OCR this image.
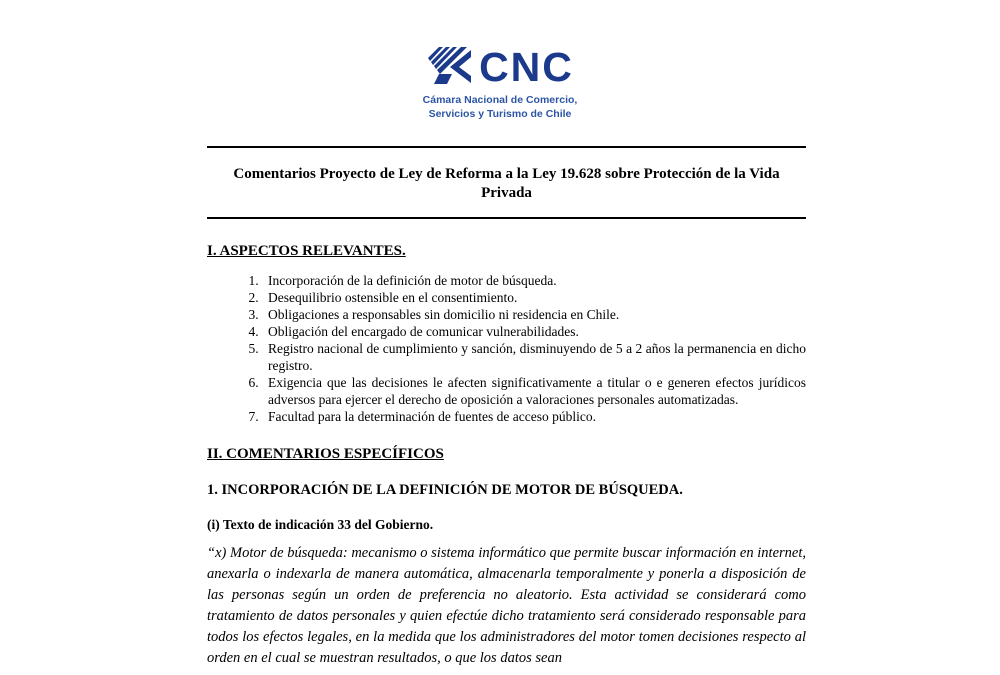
CNC
Cámara Nacional de Comercio,
Servicios y Turismo de Chile
Comentarios Proyecto de Ley de Reforma a la Ley 19.628 sobre Protección de la Vida Privada
I. ASPECTOS RELEVANTES.
1. Incorporación de la definición de motor de búsqueda.
2. Desequilibrio ostensible en el consentimiento.
3. Obligaciones a responsables sin domicilio ni residencia en Chile.
4. Obligación del encargado de comunicar vulnerabilidades.
5. Registro nacional de cumplimiento y sanción, disminuyendo de 5 a 2 años la permanencia en dicho registro.
6. Exigencia que las decisiones le afecten significativamente a titular o e generen efectos jurídicos adversos para ejercer el derecho de oposición a valoraciones personales automatizadas.
7. Facultad para la determinación de fuentes de acceso público.
II. COMENTARIOS ESPECÍFICOS
1. INCORPORACIÓN DE LA DEFINICIÓN DE MOTOR DE BÚSQUEDA.
(i) Texto de indicación 33 del Gobierno.
“x) Motor de búsqueda: mecanismo o sistema informático que permite buscar información en internet, anexarla o indexarla de manera automática, almacenarla temporalmente y ponerla a disposición de las personas según un orden de preferencia no aleatorio. Esta actividad se considerará como tratamiento de datos personales y quien efectúe dicho tratamiento será considerado responsable para todos los efectos legales, en la medida que los administradores del motor tomen decisiones respecto al orden en el cual se muestran resultados, o que los datos sean
